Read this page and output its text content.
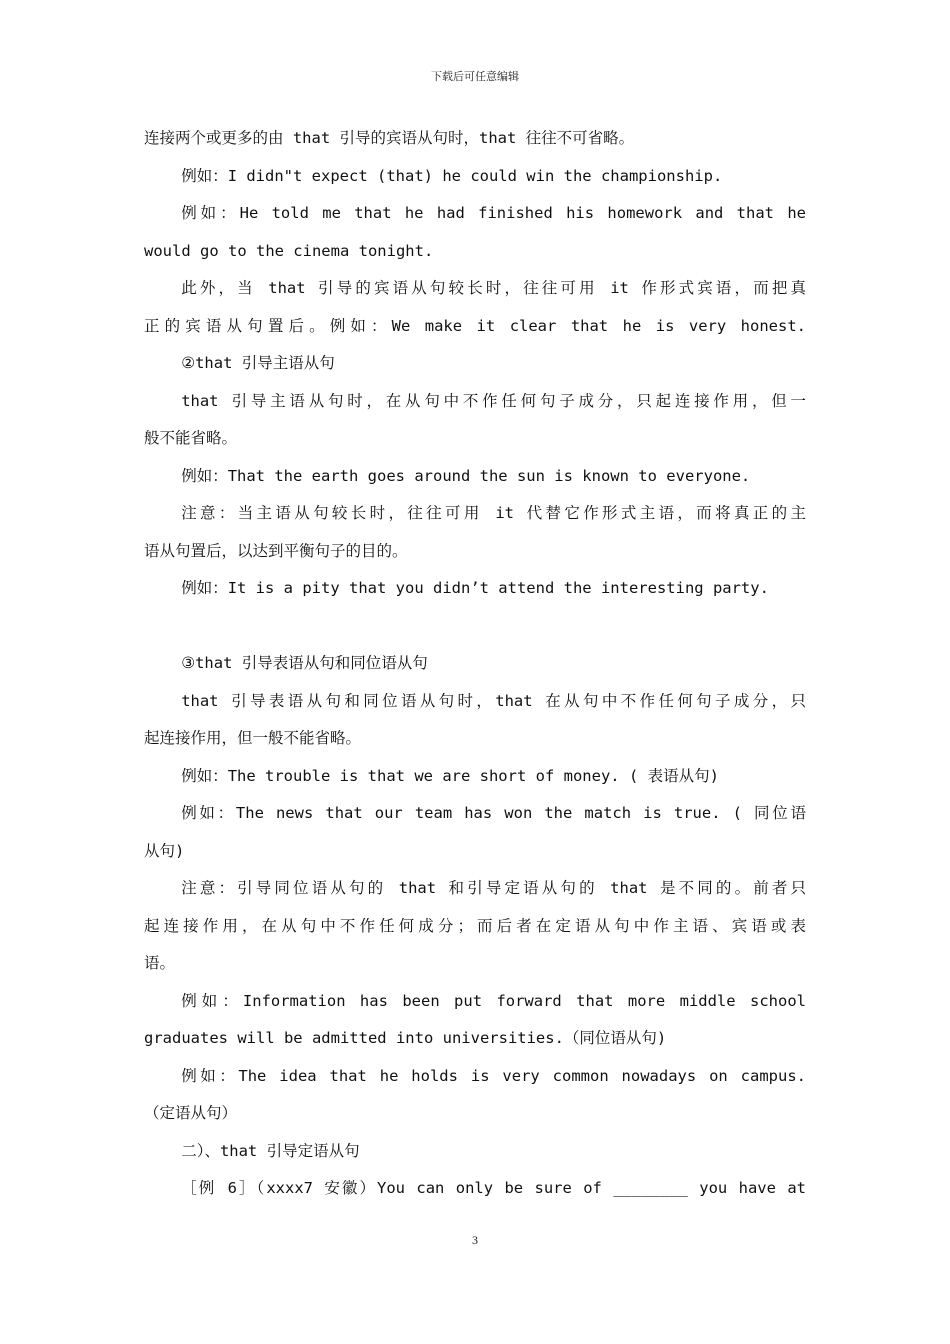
下载后可任意编辑

连接两个或更多的由 that 引导的宾语从句时，that 往往不可省略。

例如：I didn"t expect (that) he could win the championship.

例如：He told me that he had finished his homework and that he

would go to the cinema tonight.

此外，当 that 引导的宾语从句较长时，往往可用 it 作形式宾语，而把真

正的宾语从句置后。例如：We make it clear that he is very honest.

②that 引导主语从句

that 引导主语从句时，在从句中不作任何句子成分，只起连接作用，但一

般不能省略。

例如：That the earth goes around the sun is known to everyone.

注意：当主语从句较长时，往往可用 it 代替它作形式主语，而将真正的主

语从句置后，以达到平衡句子的目的。

例如：It is a pity that you didn’t attend the interesting party.

③that 引导表语从句和同位语从句

that 引导表语从句和同位语从句时，that 在从句中不作任何句子成分，只

起连接作用，但一般不能省略。

例如：The trouble is that we are short of money. ( 表语从句)

例如：The news that our team has won the match is true. ( 同位语

从句)

注意：引导同位语从句的 that 和引导定语从句的 that 是不同的。前者只

起连接作用，在从句中不作任何成分；而后者在定语从句中作主语、宾语或表

语。

例如：Information has been put forward that more middle school

graduates will be admitted into universities.（同位语从句)

例如：The idea that he holds is very common nowadays on campus.

（定语从句）

二）、that 引导定语从句

［例 6］（xxxx7 安徽）You can only be sure of ________ you have at

3
